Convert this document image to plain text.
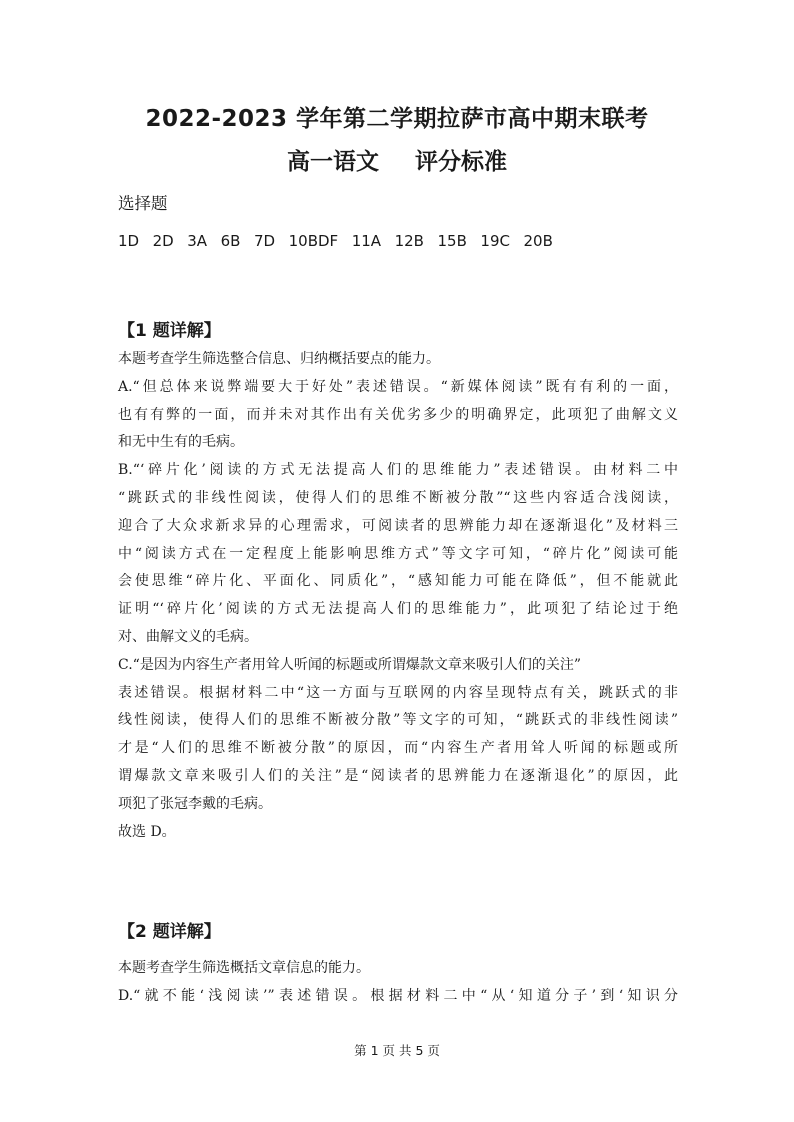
2022-2023 学年第二学期拉萨市高中期末联考
高一语文 评分标准
选择题
1D  2D  3A  6B  7D  10BDF  11A  12B  15B  19C  20B
【1 题详解】
本题考查学生筛选整合信息、归纳概括要点的能力。
A.“但总体来说弊端要大于好处”表述错误。“新媒体阅读”既有有利的一面，
也有有弊的一面，而并未对其作出有关优劣多少的明确界定，此项犯了曲解文义
和无中生有的毛病。
B.“‘碎片化’阅读的方式无法提高人们的思维能力”表述错误。由材料二中
“跳跃式的非线性阅读，使得人们的思维不断被分散”“这些内容适合浅阅读，
迎合了大众求新求异的心理需求，可阅读者的思辨能力却在逐渐退化”及材料三
中“阅读方式在一定程度上能影响思维方式”等文字可知，“碎片化”阅读可能
会使思维“碎片化、平面化、同质化”，“感知能力可能在降低”，但不能就此
证明“‘碎片化’阅读的方式无法提高人们的思维能力”，此项犯了结论过于绝
对、曲解文义的毛病。
C.“是因为内容生产者用耸人听闻的标题或所谓爆款文章来吸引人们的关注”
表述错误。根据材料二中“这一方面与互联网的内容呈现特点有关，跳跃式的非
线性阅读，使得人们的思维不断被分散”等文字的可知，“跳跃式的非线性阅读”
才是“人们的思维不断被分散”的原因，而“内容生产者用耸人听闻的标题或所
谓爆款文章来吸引人们的关注”是“阅读者的思辨能力在逐渐退化”的原因，此
项犯了张冠李戴的毛病。
故选 D。
【2 题详解】
本题考查学生筛选概括文章信息的能力。
D.“就不能‘浅阅读’”表述错误。根据材料二中“从‘知道分子’到‘知识分
第 1 页 共 5 页
